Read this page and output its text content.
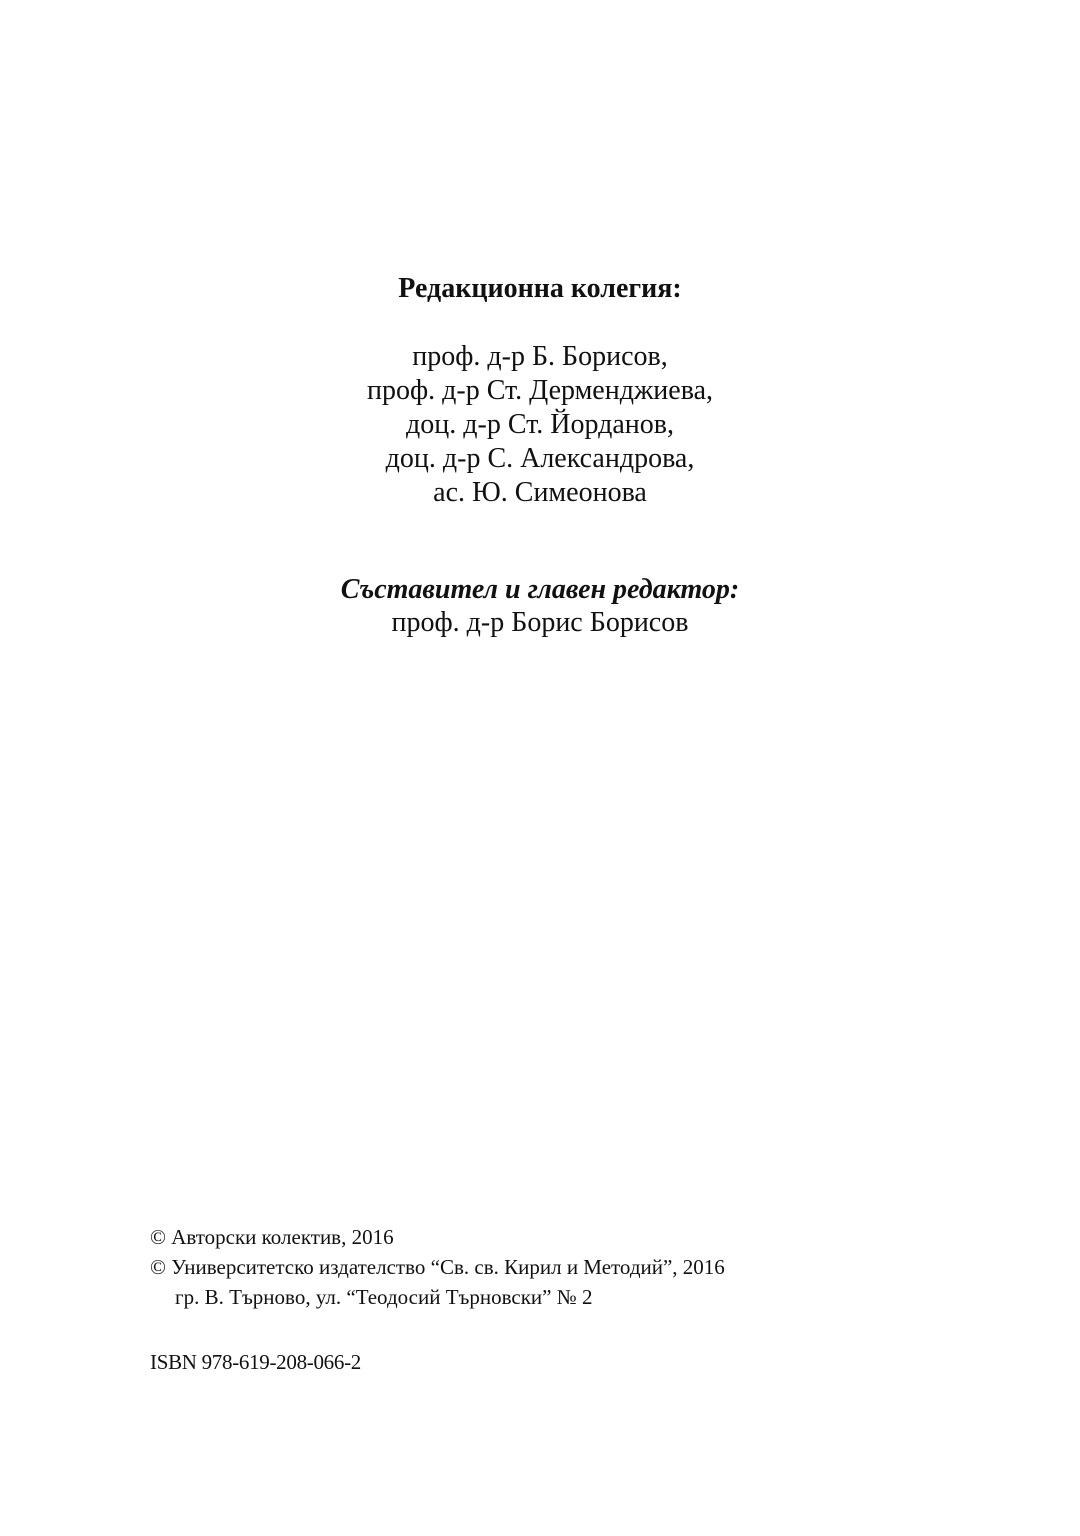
Редакционна колегия:
проф. д-р Б. Борисов,
проф. д-р Ст. Дерменджиева,
доц. д-р Ст. Йорданов,
доц. д-р С. Александрова,
ас. Ю. Симеонова
Съставител и главен редактор:
проф. д-р Борис Борисов
© Авторски колектив, 2016
© Университетско издателство “Св. св. Кирил и Методий”, 2016
гр. В. Търново, ул. “Теодосий Търновски” № 2
ISBN 978-619-208-066-2
